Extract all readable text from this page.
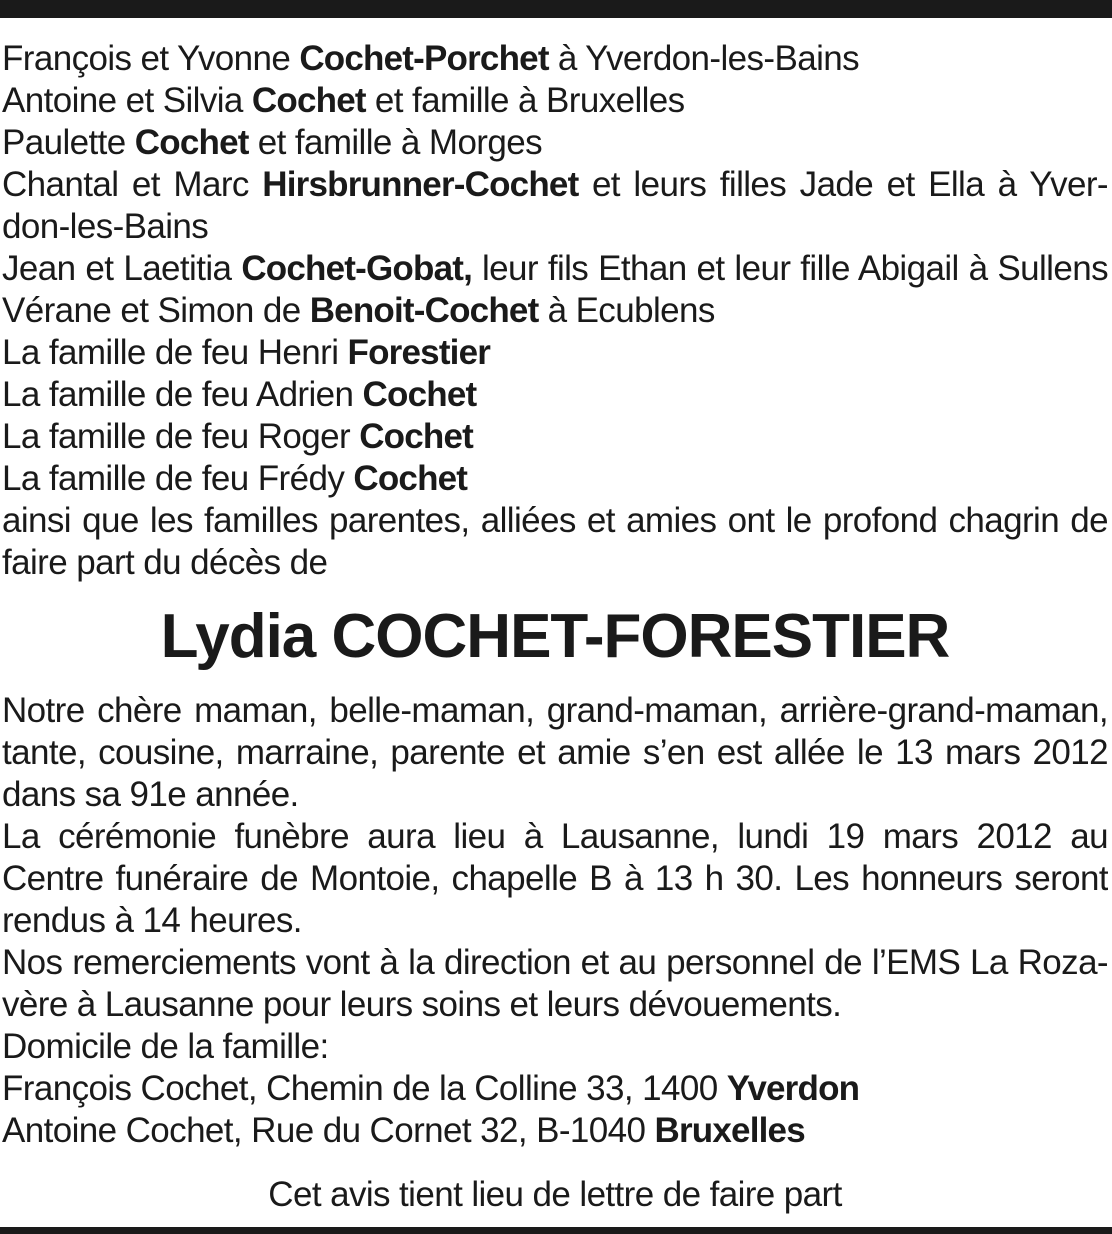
François et Yvonne Cochet-Porchet à Yverdon-les-Bains
Antoine et Silvia Cochet et famille à Bruxelles
Paulette Cochet et famille à Morges
Chantal et Marc Hirsbrunner-Cochet et leurs filles Jade et Ella à Yver-
don-les-Bains
Jean et Laetitia Cochet-Gobat, leur fils Ethan et leur fille Abigail à Sullens
Vérane et Simon de Benoit-Cochet à Ecublens
La famille de feu Henri Forestier
La famille de feu Adrien Cochet
La famille de feu Roger Cochet
La famille de feu Frédy Cochet
ainsi que les familles parentes, alliées et amies ont le profond chagrin de
faire part du décès de
Lydia COCHET-FORESTIER
Notre chère maman, belle-maman, grand-maman, arrière-grand-maman,
tante, cousine, marraine, parente et amie s’en est allée le 13 mars 2012
dans sa 91e année.
La cérémonie funèbre aura lieu à Lausanne, lundi 19 mars 2012 au
Centre funéraire de Montoie, chapelle B à 13 h 30. Les honneurs seront
rendus à 14 heures.
Nos remerciements vont à la direction et au personnel de l’EMS La Roza-
vère à Lausanne pour leurs soins et leurs dévouements.
Domicile de la famille:
François Cochet, Chemin de la Colline 33, 1400 Yverdon
Antoine Cochet, Rue du Cornet 32, B-1040 Bruxelles
Cet avis tient lieu de lettre de faire part
